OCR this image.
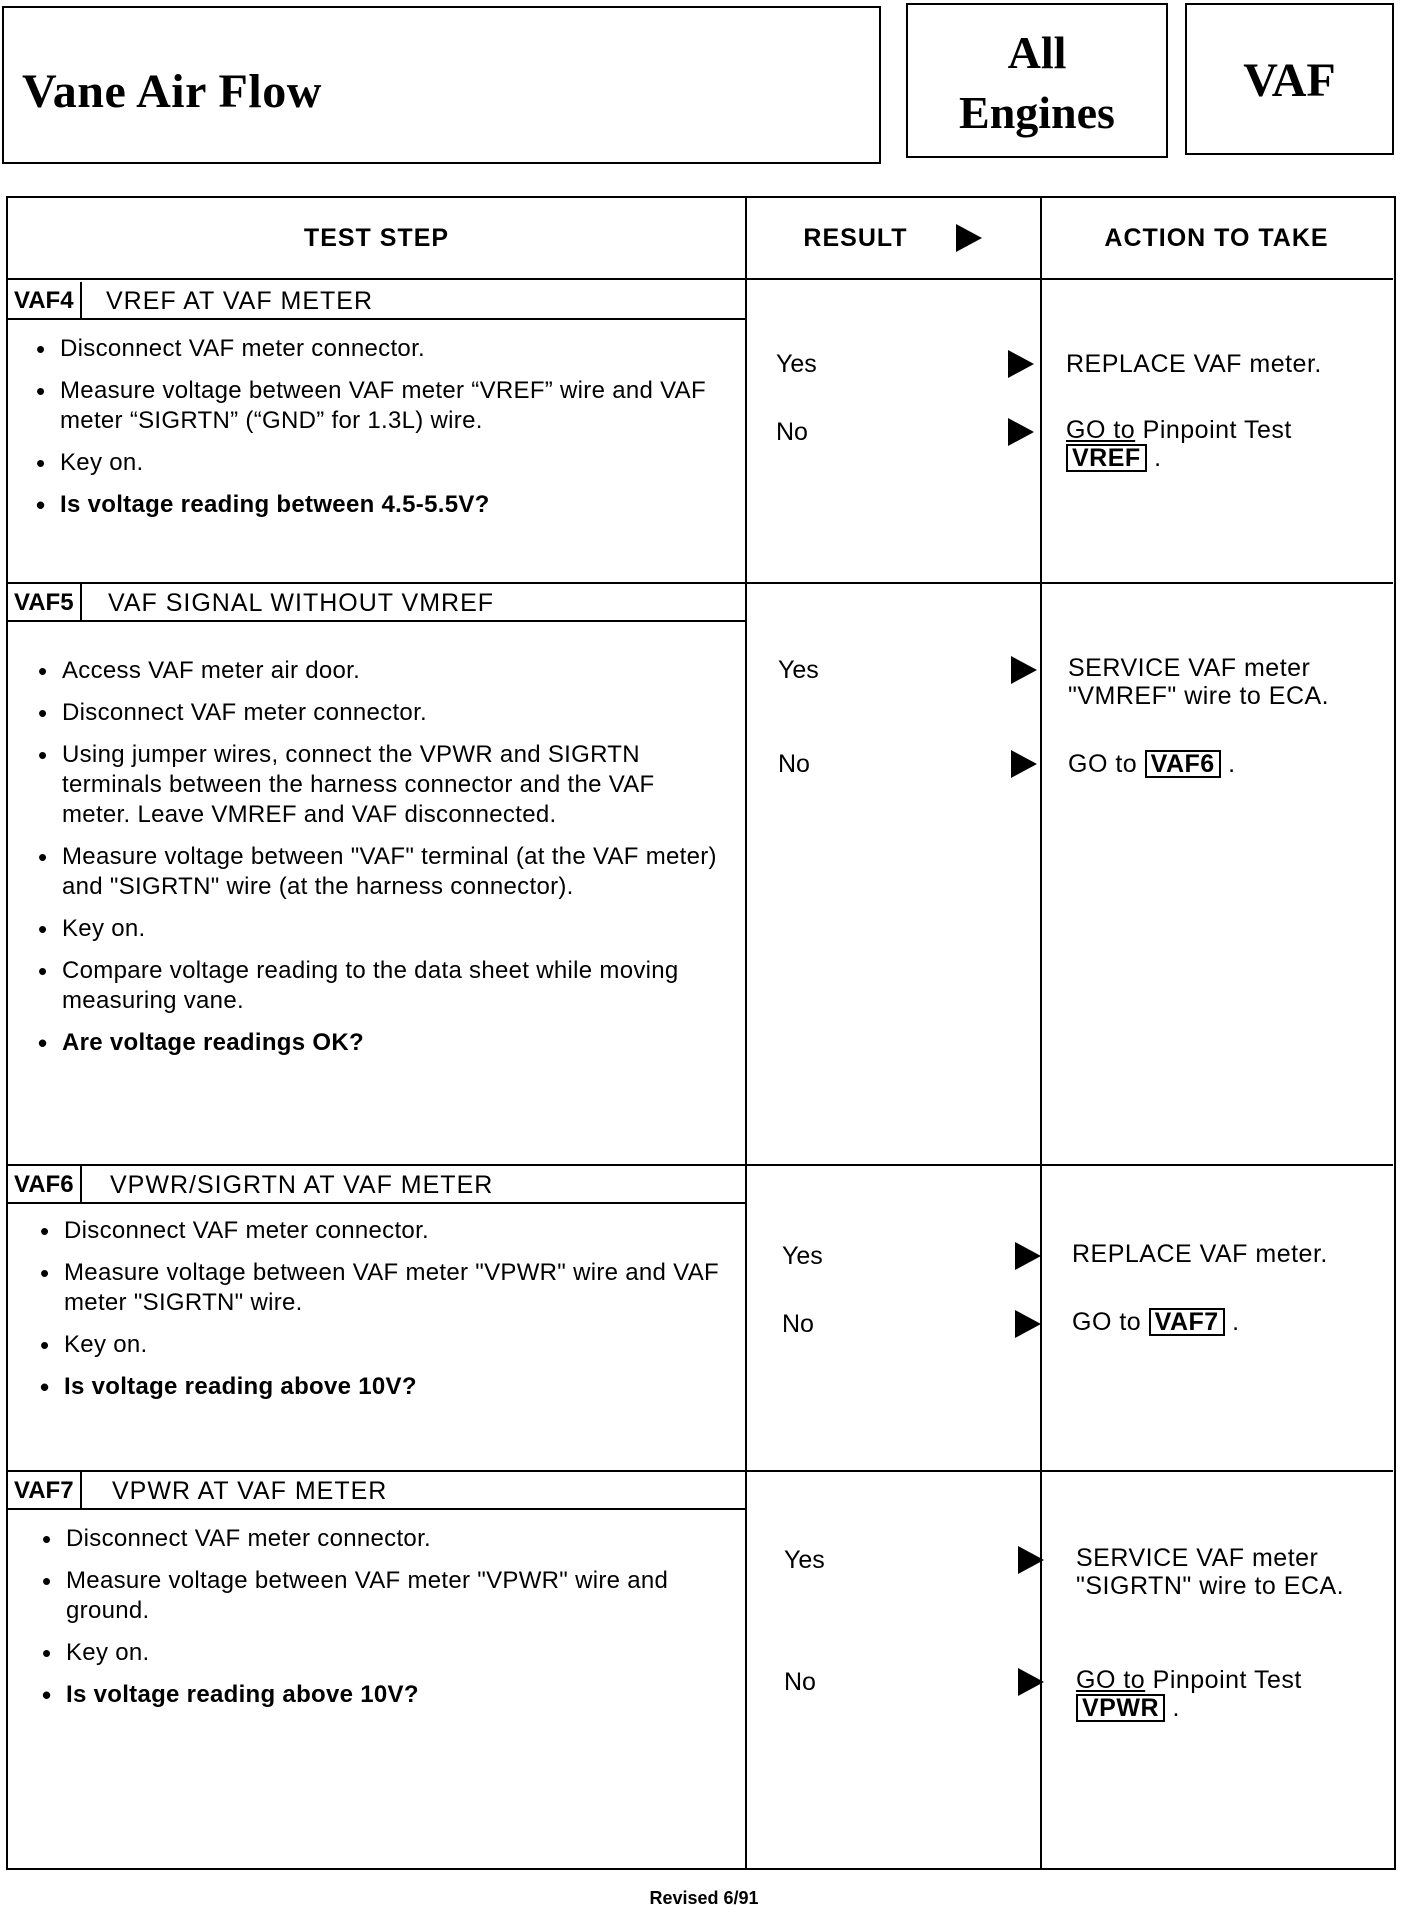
Vane Air Flow
All
Engines
VAF
TEST STEP	RESULT	ACTION TO TAKE
VAF4	VREF AT VAF METER
• Disconnect VAF meter connector.
• Measure voltage between VAF meter “VREF” wire and VAF meter “SIGRTN” (“GND” for 1.3L) wire.
• Key on.
• Is voltage reading between 4.5-5.5V?
Yes	REPLACE VAF meter.
No	GO to Pinpoint Test
VREF .
VAF5	VAF SIGNAL WITHOUT VMREF
• Access VAF meter air door.
• Disconnect VAF meter connector.
• Using jumper wires, connect the VPWR and SIGRTN terminals between the harness connector and the VAF meter. Leave VMREF and VAF disconnected.
• Measure voltage between "VAF" terminal (at the VAF meter) and "SIGRTN" wire (at the harness connector).
• Key on.
• Compare voltage reading to the data sheet while moving measuring vane.
• Are voltage readings OK?
Yes	SERVICE VAF meter "VMREF" wire to ECA.
No	GO to VAF6 .
VAF6	VPWR/SIGRTN AT VAF METER
• Disconnect VAF meter connector.
• Measure voltage between VAF meter "VPWR" wire and VAF meter "SIGRTN" wire.
• Key on.
• Is voltage reading above 10V?
Yes	REPLACE VAF meter.
No	GO to VAF7 .
VAF7	VPWR AT VAF METER
• Disconnect VAF meter connector.
• Measure voltage between VAF meter "VPWR" wire and ground.
• Key on.
• Is voltage reading above 10V?
Yes	SERVICE VAF meter "SIGRTN" wire to ECA.
No	GO to Pinpoint Test
VPWR .
Revised 6/91
